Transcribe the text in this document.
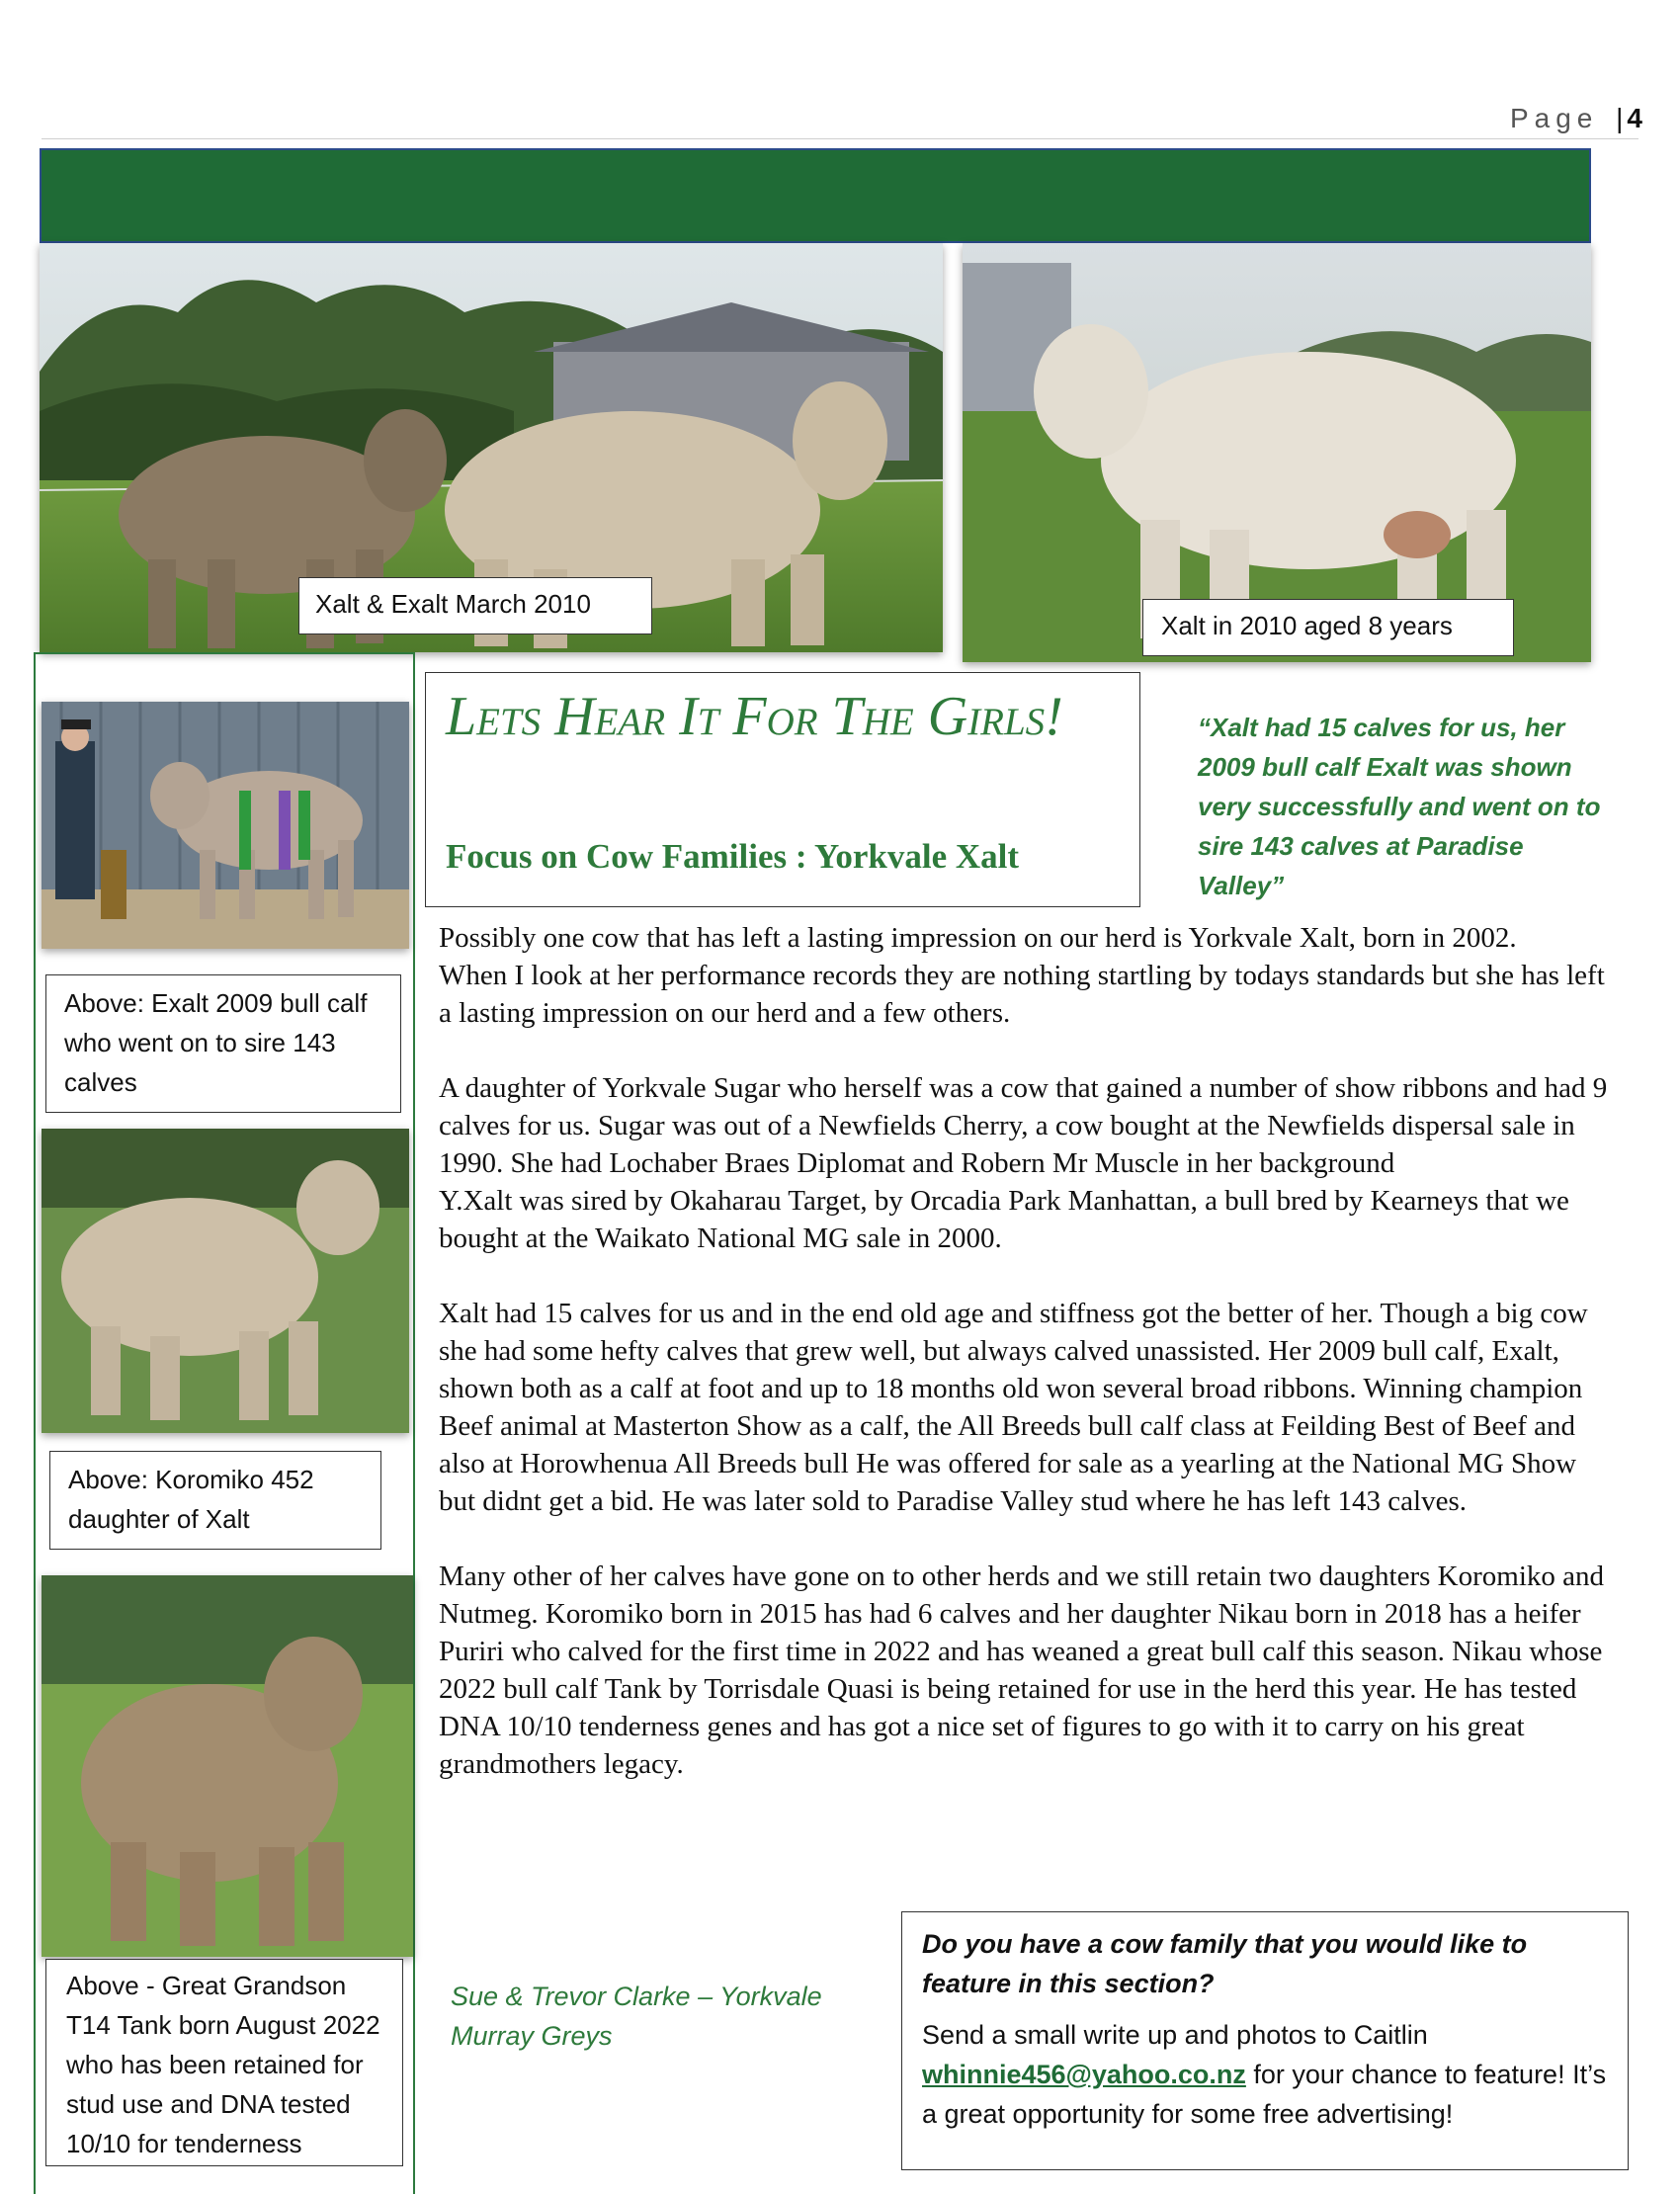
Page | 4
Xalt & Exalt March 2010
Xalt in 2010 aged 8 years
Above: Exalt 2009 bull calf who went on to sire 143 calves
Above: Koromiko 452 daughter of Xalt
Above - Great Grandson T14 Tank born August 2022 who has been retained for stud use and DNA tested 10/10 for tenderness
Lets Hear It For The Girls!
Focus on Cow Families : Yorkvale Xalt
“Xalt had 15 calves for us, her 2009 bull calf Exalt was shown very successfully and went on to sire 143 calves at Paradise Valley”
Possibly one cow that has left a lasting impression on our herd is Yorkvale Xalt, born in 2002.

When I look at her performance records they are nothing startling by todays standards but she has left a lasting impression on our herd and a few others.

A daughter of Yorkvale Sugar who herself was a cow that gained a number of show ribbons and had 9 calves for us. Sugar was out of a Newfields Cherry, a cow bought at the Newfields dispersal sale in 1990. She had Lochaber Braes Diplomat and Robern Mr Muscle in her background

Y.Xalt was sired by Okaharau Target, by Orcadia Park Manhattan, a bull bred by Kearneys that we bought at the Waikato National MG sale in 2000.

Xalt had 15 calves for us and in the end old age and stiffness got the better of her. Though a big cow she had some hefty calves that grew well, but always calved unassisted. Her 2009 bull calf, Exalt, shown both as a calf at foot and up to 18 months old won several broad ribbons. Winning champion Beef animal at Masterton Show as a calf, the All Breeds bull calf class at Feilding Best of Beef and also at Horowhenua All Breeds bull He was offered for sale as a yearling at the National MG Show but didnt get a bid. He was later sold to Paradise Valley stud where he has left 143 calves.

Many other of her calves have gone on to other herds and we still retain two daughters Koromiko and Nutmeg. Koromiko born in 2015 has had 6 calves and her daughter Nikau born in 2018 has a heifer Puriri who calved for the first time in 2022 and has weaned a great bull calf this season. Nikau whose 2022 bull calf Tank by Torrisdale Quasi is being retained for use in the herd this year. He has tested DNA 10/10 tenderness genes and has got a nice set of figures to go with it to carry on his great grandmothers legacy.
Sue & Trevor Clarke – Yorkvale Murray Greys
Do you have a cow family that you would like to feature in this section?
Send a small write up and photos to Caitlin
whinnie456@yahoo.co.nz for your chance to feature! It’s a great opportunity for some free advertising!
